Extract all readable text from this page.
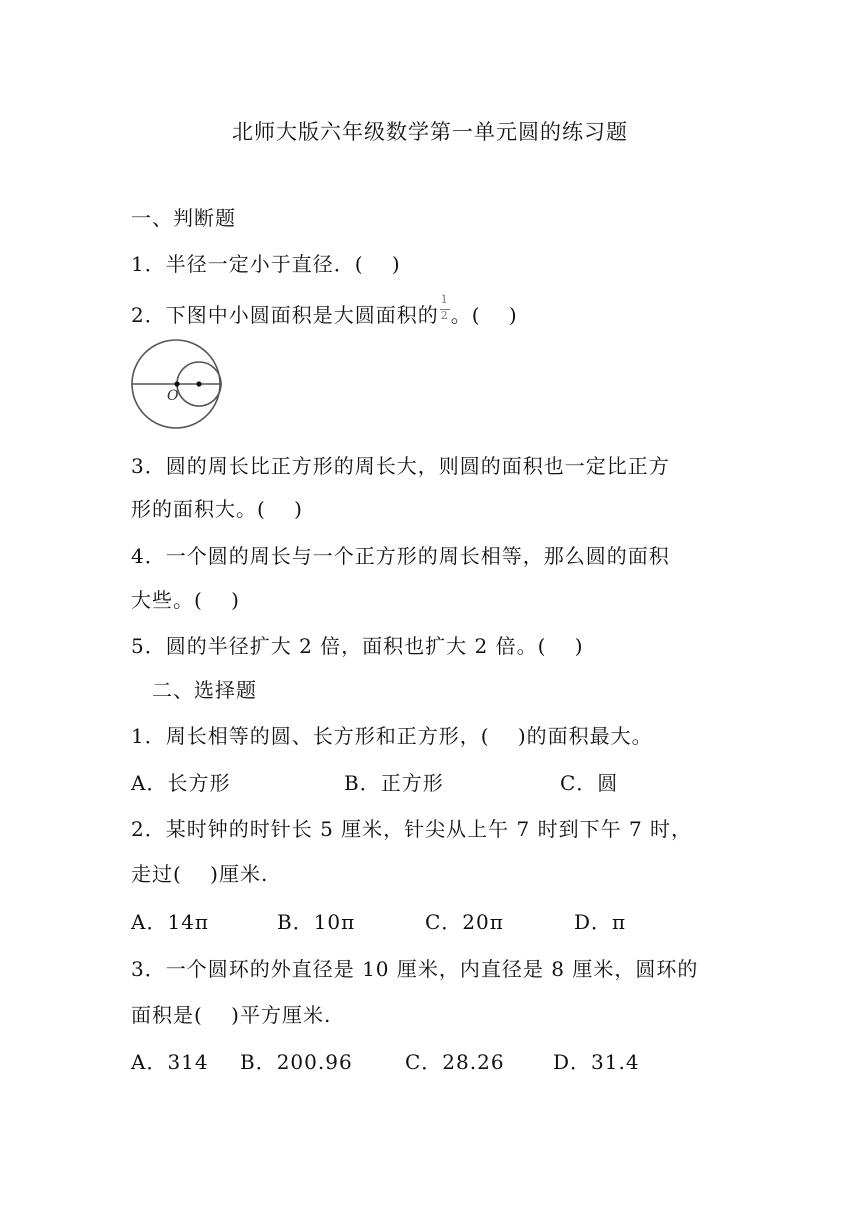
北师大版六年级数学第一单元圆的练习题
一、判断题
1．半径一定小于直径．(　 )
2．下图中小圆面积是大圆面积的 $\frac{1}{2}$ 。(　 )
O
3．圆的周长比正方形的周长大，则圆的面积也一定比正方
形的面积大。(　 )
4．一个圆的周长与一个正方形的周长相等，那么圆的面积
大些。(　 )
5．圆的半径扩大 2 倍，面积也扩大 2 倍。(　 )
二、选择题
1．周长相等的圆、长方形和正方形，(　 )的面积最大。
A．长方形	B．正方形	C．圆
2．某时钟的时针长 5 厘米，针尖从上午 7 时到下午 7 时，
走过(　 )厘米.
A．14π	B．10π	C．20π	D．π
3．一个圆环的外直径是 10 厘米，内直径是 8 厘米，圆环的
面积是(　 )平方厘米.
A．314 B．200.96	C．28.26 D．31.4
